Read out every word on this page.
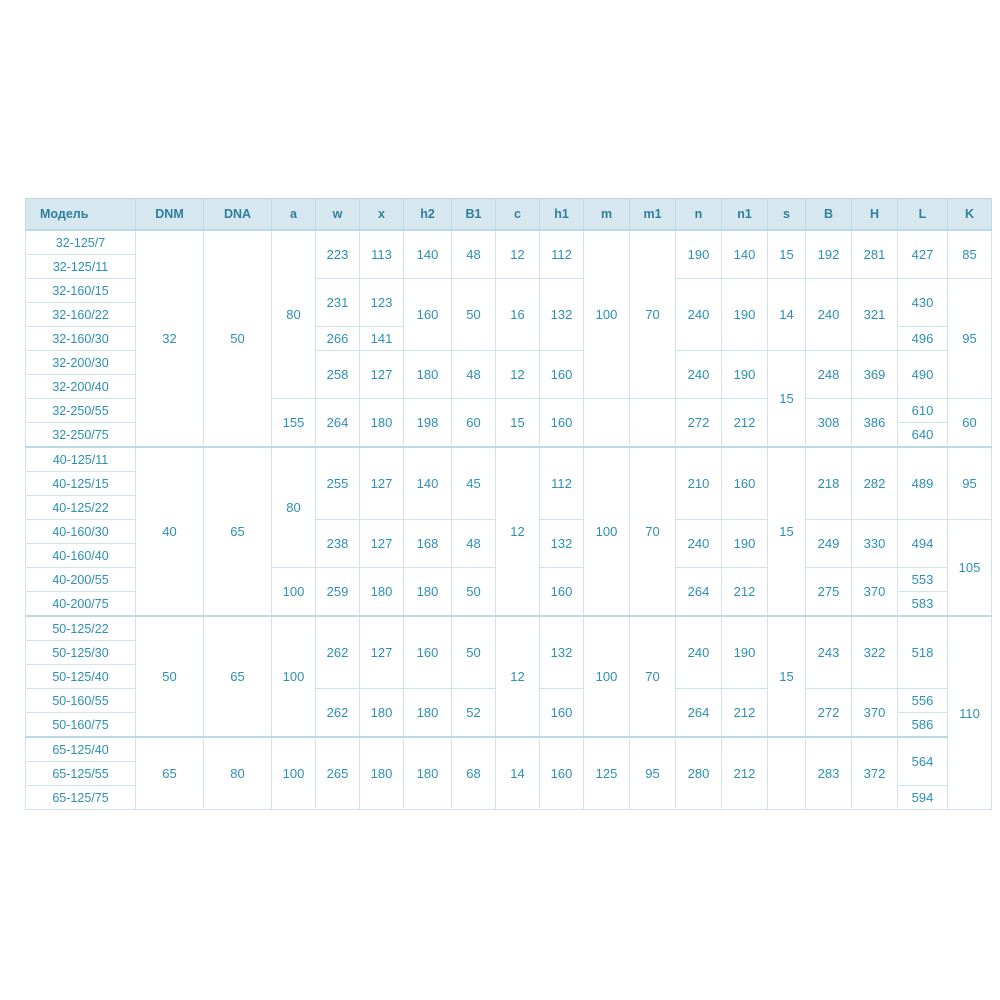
Модель	DNM	DNA	a	w	x	h2	B1	c	h1	m	m1	n	n1	s	B	H	L	K
32-125/7	32	50	80	223	113	140	48	12	112	100	70	190	140	15	192	281	427	85
32-125/11																		
32-160/15				231	123	160	50	16	132			240	190	14	240	321	430	95
32-160/22																		
32-160/30				266	141												496	
32-200/30				258	127	180	48	12	160			240	190	15	248	369	490	
32-200/40																		
32-250/55			155	264	180	198	60	15	160			272	212		308	386	610	60
32-250/75																	640	
40-125/11	40	65	80	255	127	140	45	12	112	100	70	210	160	15	218	282	489	95
40-125/15																		
40-125/22																		
40-160/30				238	127	168	48		132			240	190		249	330	494	105
40-160/40																		
40-200/55			100	259	180	180	50		160			264	212		275	370	553	
40-200/75																	583	
50-125/22	50	65	100	262	127	160	50	12	132	100	70	240	190	15	243	322	518	110
50-125/30																		
50-125/40																		
50-160/55				262	180	180	52		160			264	212		272	370	556	
50-160/75																	586	
65-125/40	65	80	100	265	180	180	68	14	160	125	95	280	212		283	372	564	
65-125/55																		
65-125/75																	594	
